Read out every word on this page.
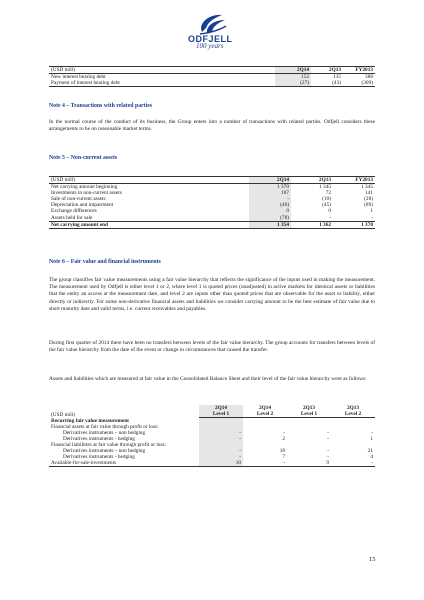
ODFJELL
100 years
(USD mill)	2Q14	2Q13	FY2013
New interest bearing debt	152	115	388
Payment of interest bearing debt	(27)	(43)	(309)
Note 4 – Transactions with related parties
In the normal course of the conduct of its business, the Group enters into a number of transactions with related parties. Odfjell considers these arrangements to be on reasonable market terms.
Note 5 – Non-current assets
(USD mill)	2Q14	2Q13	FY2013
Net carrying amount beginning	1 370	1 345	1 345
Investments in non-current assets	107	72	141
Sale of non-current assets	-	(10)	(28)
Depreciation and impairment	(46)	(45)	(89)
Exchange differences	0	0	1
Assets held for sale	(78)	-	-
Net carrying amount end	1 354	1 362	1 370
Note 6 – Fair value and financial instruments
The group classifies fair value measurements using a fair value hierarchy that reflects the significance of the inputs used in making the measurement. The measurement used by Odfjell is either level 1 or 2, where level 1 is quoted prices (unadjusted) in active markets for identical assets or liabilities that the entity an access at the measurement date, and level 2 are inputs other than quoted prices that are observable for the asset or liability, either directly or indirectly. For some non-derivative financial assets and liabilities we consider carrying amount to be the best estimate of fair value due to short maturity date and valid terms, i.e. current receivables and payables.
During first quarter of 2014 there have been no transfers between levels of the fair value hierarchy. The group accounts for transfers between levels of the fair value hierarchy from the date of the event or change in circumstances that caused the transfer.
Assets and liabilities which are measured at fair value in the Consolidated Balance Sheet and their level of the fair value hierarchy were as follows:
(USD mill)	2Q14	2Q14	2Q13	2Q13
	Level 1	Level 2	Level 1	Level 2
Recurring fair value measurement				
Financial assets at fair value through profit or loss:				
Derivatives instruments – non hedging	-	-	-	-
Derivatives instruments - hedging	-	2	-	1
Financial liabilities at fair value through profit or loss:				
Derivatives instruments – non hedging	-	18	-	21
Derivatives instruments - hedging	-	7	-	4
Available-for-sale-investments	10	-	9	-
15
